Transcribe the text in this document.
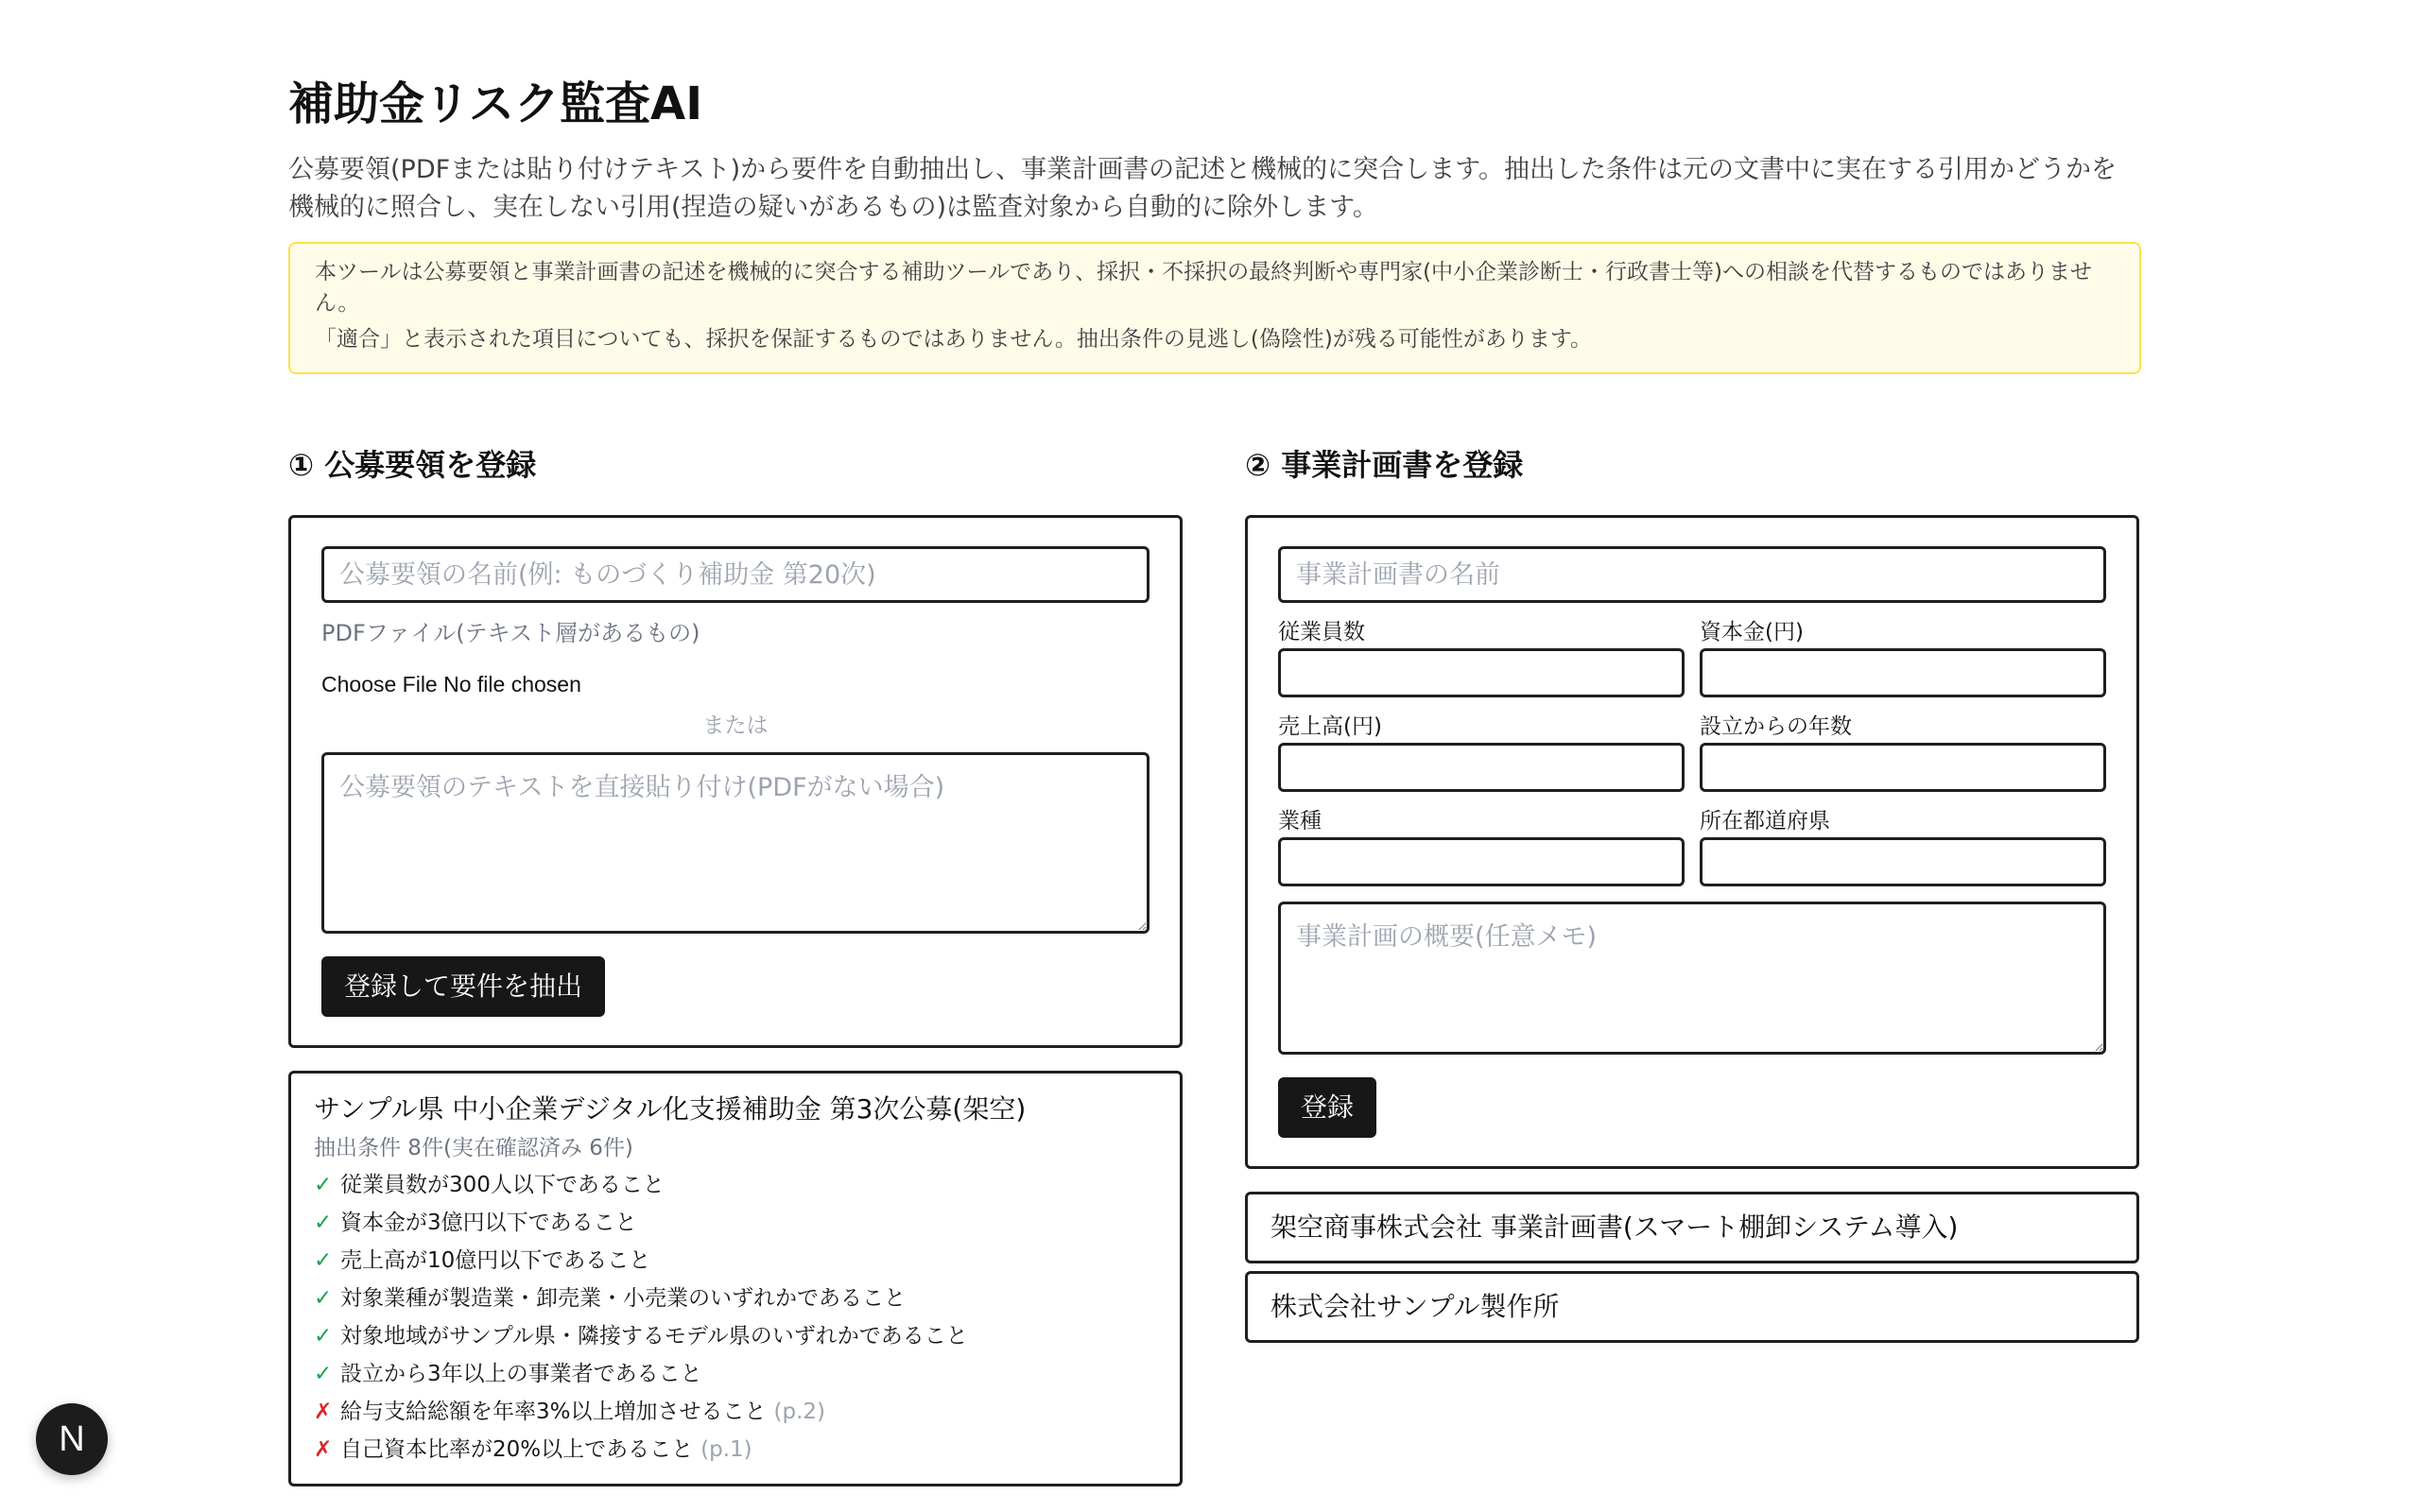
補助金リスク監査AI

公募要領(PDFまたは貼り付けテキスト)から要件を自動抽出し、事業計画書の記述と機械的に突合します。抽出した条件は元の文書中に実在する引用かどうかを機械的に照合し、実在しない引用(捏造の疑いがあるもの)は監査対象から自動的に除外します。

本ツールは公募要領と事業計画書の記述を機械的に突合する補助ツールであり、採択・不採択の最終判断や専門家(中小企業診断士・行政書士等)への相談を代替するものではありません。

「適合」と表示された項目についても、採択を保証するものではありません。抽出条件の見逃し(偽陰性)が残る可能性があります。

① 公募要領を登録
公募要領の名前(例: ものづくり補助金 第20次)
PDFファイル(テキスト層があるもの)
Choose File No file chosen
または
公募要領のテキストを直接貼り付け(PDFがない場合) 登録して要件を抽出
サンプル県 中小企業デジタル化支援補助金 第3次公募(架空)
抽出条件 8件(実在確認済み 6件)
✓ 従業員数が300人以下であること
✓ 資本金が3億円以下であること
✓ 売上高が10億円以下であること
✓ 対象業種が製造業・卸売業・小売業のいずれかであること
✓ 対象地域がサンプル県・隣接するモデル県のいずれかであること
✓ 設立から3年以上の事業者であること
✗ 給与支給総額を年率3%以上増加させること (p.2)
✗ 自己資本比率が20%以上であること (p.1)
② 事業計画書を登録
事業計画書の名前
従業員数	資本金(円)
売上高(円)	設立からの年数
業種	所在都道府県
事業計画の概要(任意メモ) 登録
架空商事株式会社 事業計画書(スマート棚卸システム導入)
株式会社サンプル製作所
N
